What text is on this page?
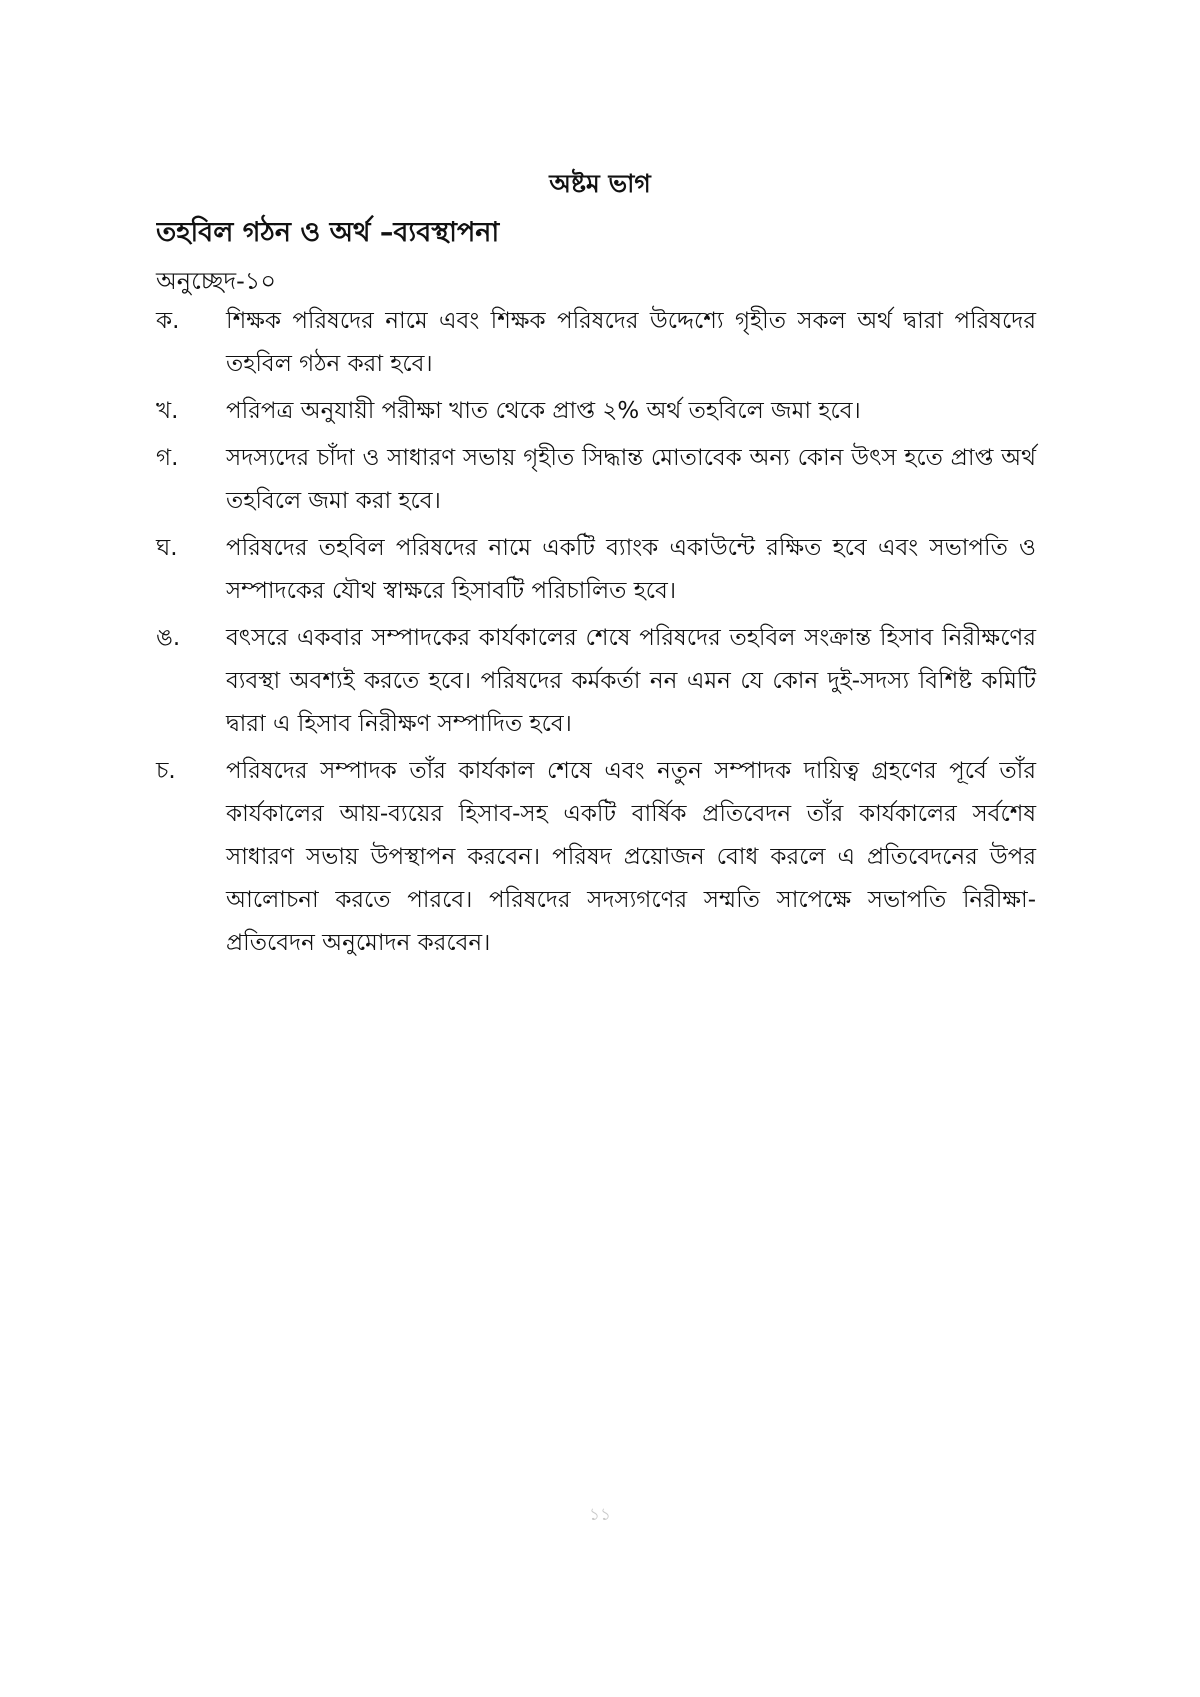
অষ্টম ভাগ
তহবিল গঠন ও অর্থ –ব্যবস্থাপনা
অনুচ্ছেদ-১০
ক.	শিক্ষক পরিষদের নামে এবং শিক্ষক পরিষদের উদ্দেশ্যে গৃহীত সকল অর্থ দ্বারা পরিষদের তহবিল গঠন করা হবে।
খ.	পরিপত্র অনুযায়ী পরীক্ষা খাত থেকে প্রাপ্ত ২% অর্থ তহবিলে জমা হবে।
গ.	সদস্যদের চাঁদা ও সাধারণ সভায় গৃহীত সিদ্ধান্ত মোতাবেক অন্য কোন উৎস হতে প্রাপ্ত অর্থ তহবিলে জমা করা হবে।
ঘ.	পরিষদের তহবিল পরিষদের নামে একটি ব্যাংক একাউন্টে রক্ষিত হবে এবং সভাপতি ও সম্পাদকের যৌথ স্বাক্ষরে হিসাবটি পরিচালিত হবে।
ঙ.	বৎসরে একবার সম্পাদকের কার্যকালের শেষে পরিষদের তহবিল সংক্রান্ত হিসাব নিরীক্ষণের ব্যবস্থা অবশ্যই করতে হবে। পরিষদের কর্মকর্তা নন এমন যে কোন দুই-সদস্য বিশিষ্ট কমিটি দ্বারা এ হিসাব নিরীক্ষণ সম্পাদিত হবে।
চ.	পরিষদের সম্পাদক তাঁর কার্যকাল শেষে এবং নতুন সম্পাদক দায়িত্ব গ্রহণের পূর্বে তাঁর কার্যকালের আয়-ব্যয়ের হিসাব-সহ একটি বার্ষিক প্রতিবেদন তাঁর কার্যকালের সর্বশেষ সাধারণ সভায় উপস্থাপন করবেন। পরিষদ প্রয়োজন বোধ করলে এ প্রতিবেদনের উপর আলোচনা করতে পারবে। পরিষদের সদস্যগণের সম্মতি সাপেক্ষে সভাপতি নিরীক্ষা-প্রতিবেদন অনুমোদন করবেন।
১১
